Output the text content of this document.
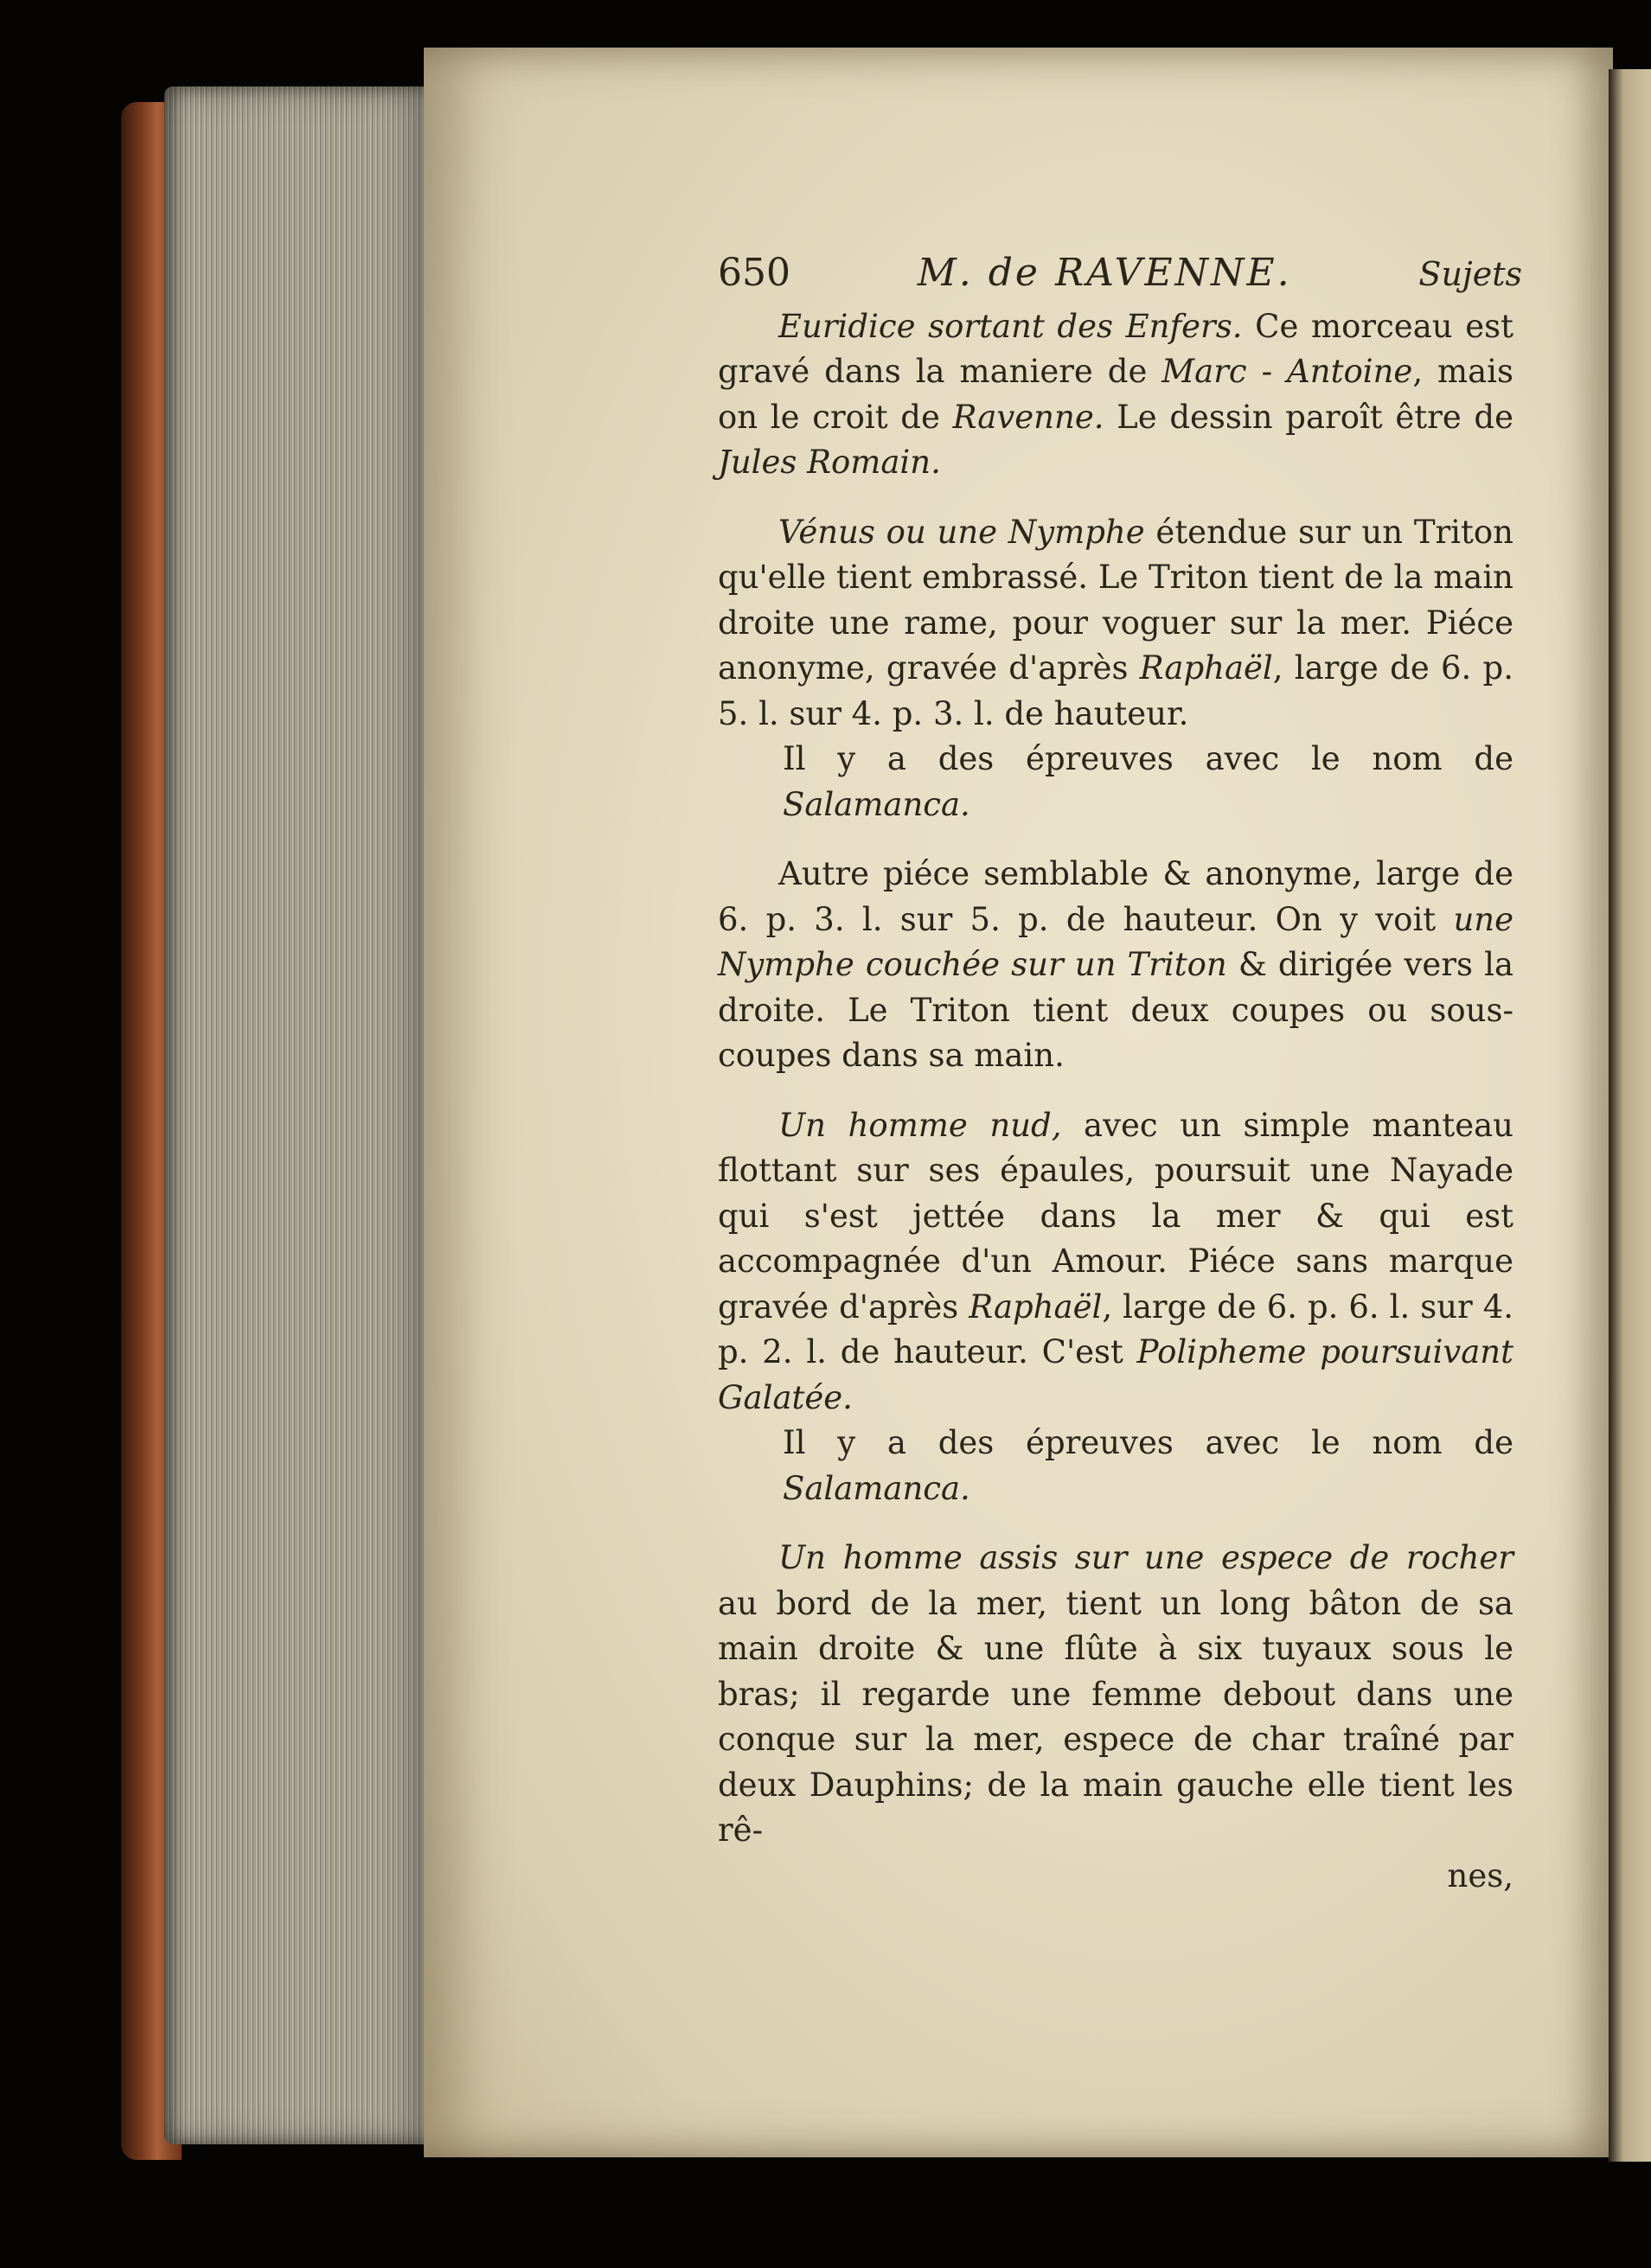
650	M. de RAVENNE.	Sujets

Euridice sortant des Enfers. Ce morceau est gravé dans la maniere de Marc - Antoine, mais on le croit de Ravenne. Le dessin paroît être de Jules Romain.

Vénus ou une Nymphe étendue sur un Triton qu'elle tient embrassé. Le Triton tient de la main droite une rame, pour voguer sur la mer. Piéce anonyme, gravée d'après Raphaël, large de 6. p. 5. l. sur 4. p. 3. l. de hauteur.

Il y a des épreuves avec le nom de Salamanca.

Autre piéce semblable & anonyme, large de 6. p. 3. l. sur 5. p. de hauteur. On y voit une Nymphe couchée sur un Triton & dirigée vers la droite. Le Triton tient deux coupes ou sous-coupes dans sa main.

Un homme nud, avec un simple manteau flottant sur ses épaules, poursuit une Nayade qui s'est jettée dans la mer & qui est accompagnée d'un Amour. Piéce sans marque gravée d'après Raphaël, large de 6. p. 6. l. sur 4. p. 2. l. de hauteur. C'est Polipheme poursuivant Galatée.

Il y a des épreuves avec le nom de Salamanca.

Un homme assis sur une espece de rocher au bord de la mer, tient un long bâton de sa main droite & une flûte à six tuyaux sous le bras; il regarde une femme debout dans une conque sur la mer, espece de char traîné par deux Dauphins; de la main gauche elle tient les rê-

nes,
